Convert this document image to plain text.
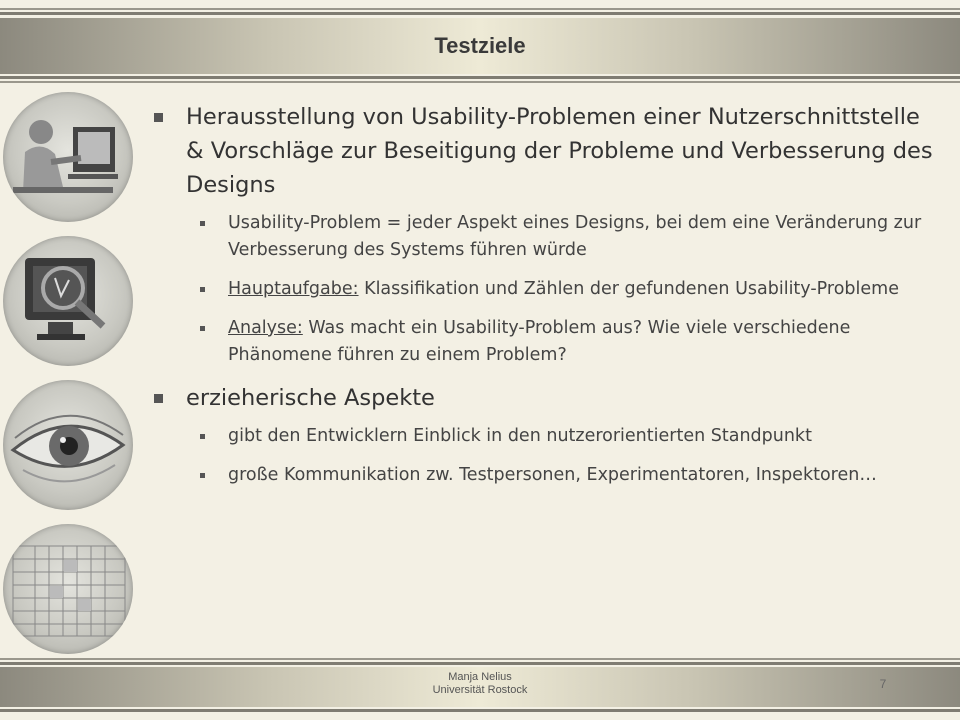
Testziele
Herausstellung von Usability-Problemen einer Nutzerschnittstelle & Vorschläge zur Beseitigung der Probleme und Verbesserung des Designs
Usability-Problem = jeder Aspekt eines Designs, bei dem eine Veränderung zur Verbesserung des Systems führen würde
Hauptaufgabe: Klassifikation und Zählen der gefundenen Usability-Probleme
Analyse: Was macht ein Usability-Problem aus? Wie viele verschiedene Phänomene führen zu einem Problem?
erzieherische Aspekte
gibt den Entwicklern Einblick in den nutzerorientierten Standpunkt
große Kommunikation zw. Testpersonen, Experimentatoren, Inspektoren…
Manja Nelius
Universität Rostock	7
